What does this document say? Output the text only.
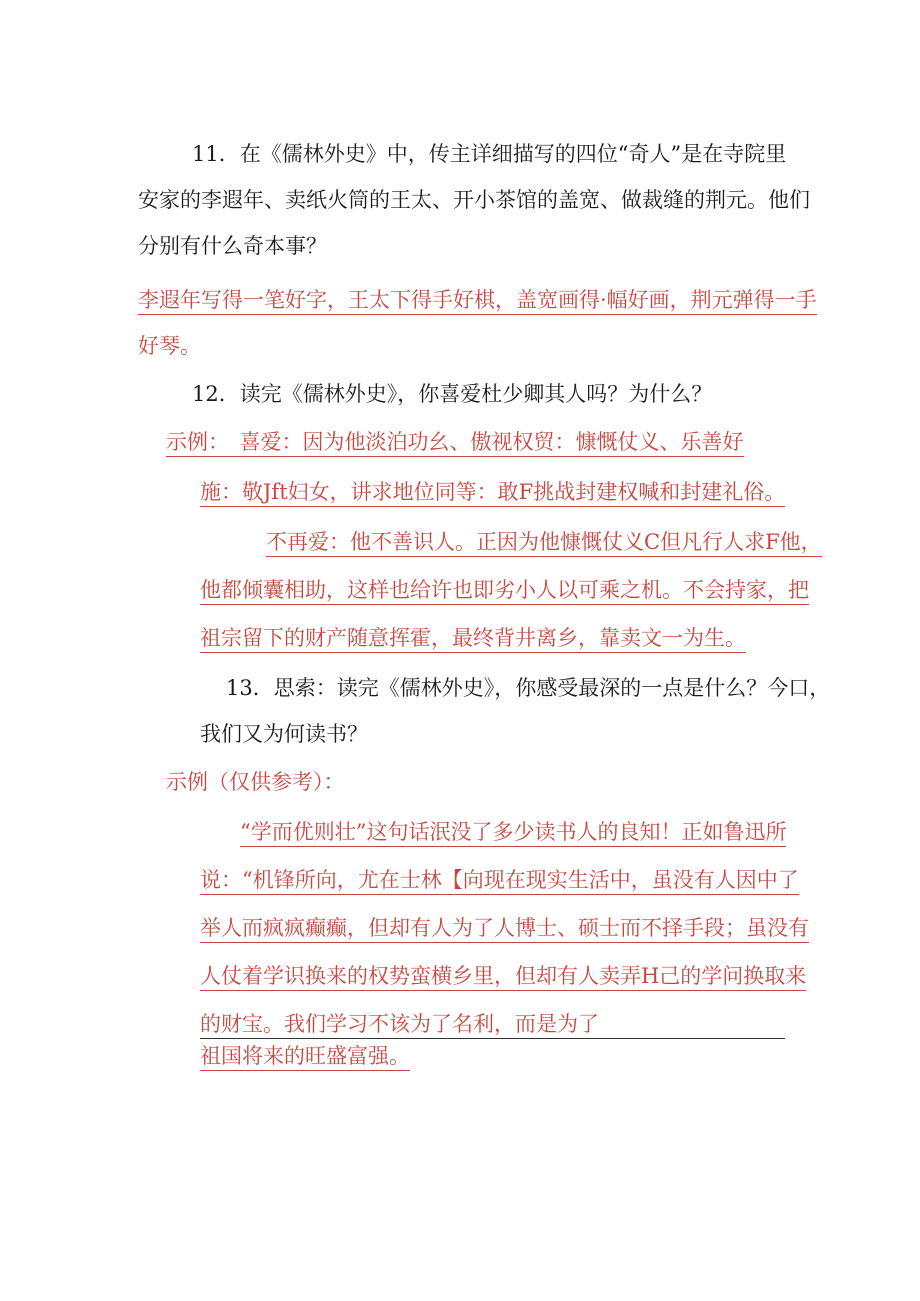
11．在《儒林外史》中，传主详细描写的四位“奇人”是在寺院里
安家的李遐年、卖纸火筒的王太、开小茶馆的盖宽、做裁缝的荆元。他们
分别有什么奇本事？
李遐年写得一笔好字，王太下得手好棋，盖宽画得·幅好画，荆元弹得一手
好琴。
12．读完《儒林外史》，你喜爱杜少卿其人吗？为什么？
示例：　喜爱：因为他淡泊功幺、傲视权贸：慷慨仗义、乐善好
施：敬Jft妇女，讲求地位同等：敢F挑战封建权喊和封建礼俗。
不再爱：他不善识人。正因为他慷慨仗义C但凡行人求F他，
他都倾囊相助，这样也给许也即劣小人以可乘之机。不会持家，把
祖宗留下的财产随意挥霍，最终背井离乡，靠卖文一为生。
13．思索：读完《儒林外史》，你感受最深的一点是什么？今口，
我们又为何读书？
示例（仅供参考）：
“学而优则壮”这句话泯没了多少读书人的良知！正如鲁迅所
说：“机锋所向，尤在士林【向现在现实生活中，虽没有人因中了
举人而疯疯癫癫，但却有人为了人博士、硕士而不择手段；虽没有
人仗着学识换来的权势蛮横乡里，但却有人卖弄H己的学问换取来
的财宝。我们学习不该为了名利，而是为了
祖国将来的旺盛富强。
